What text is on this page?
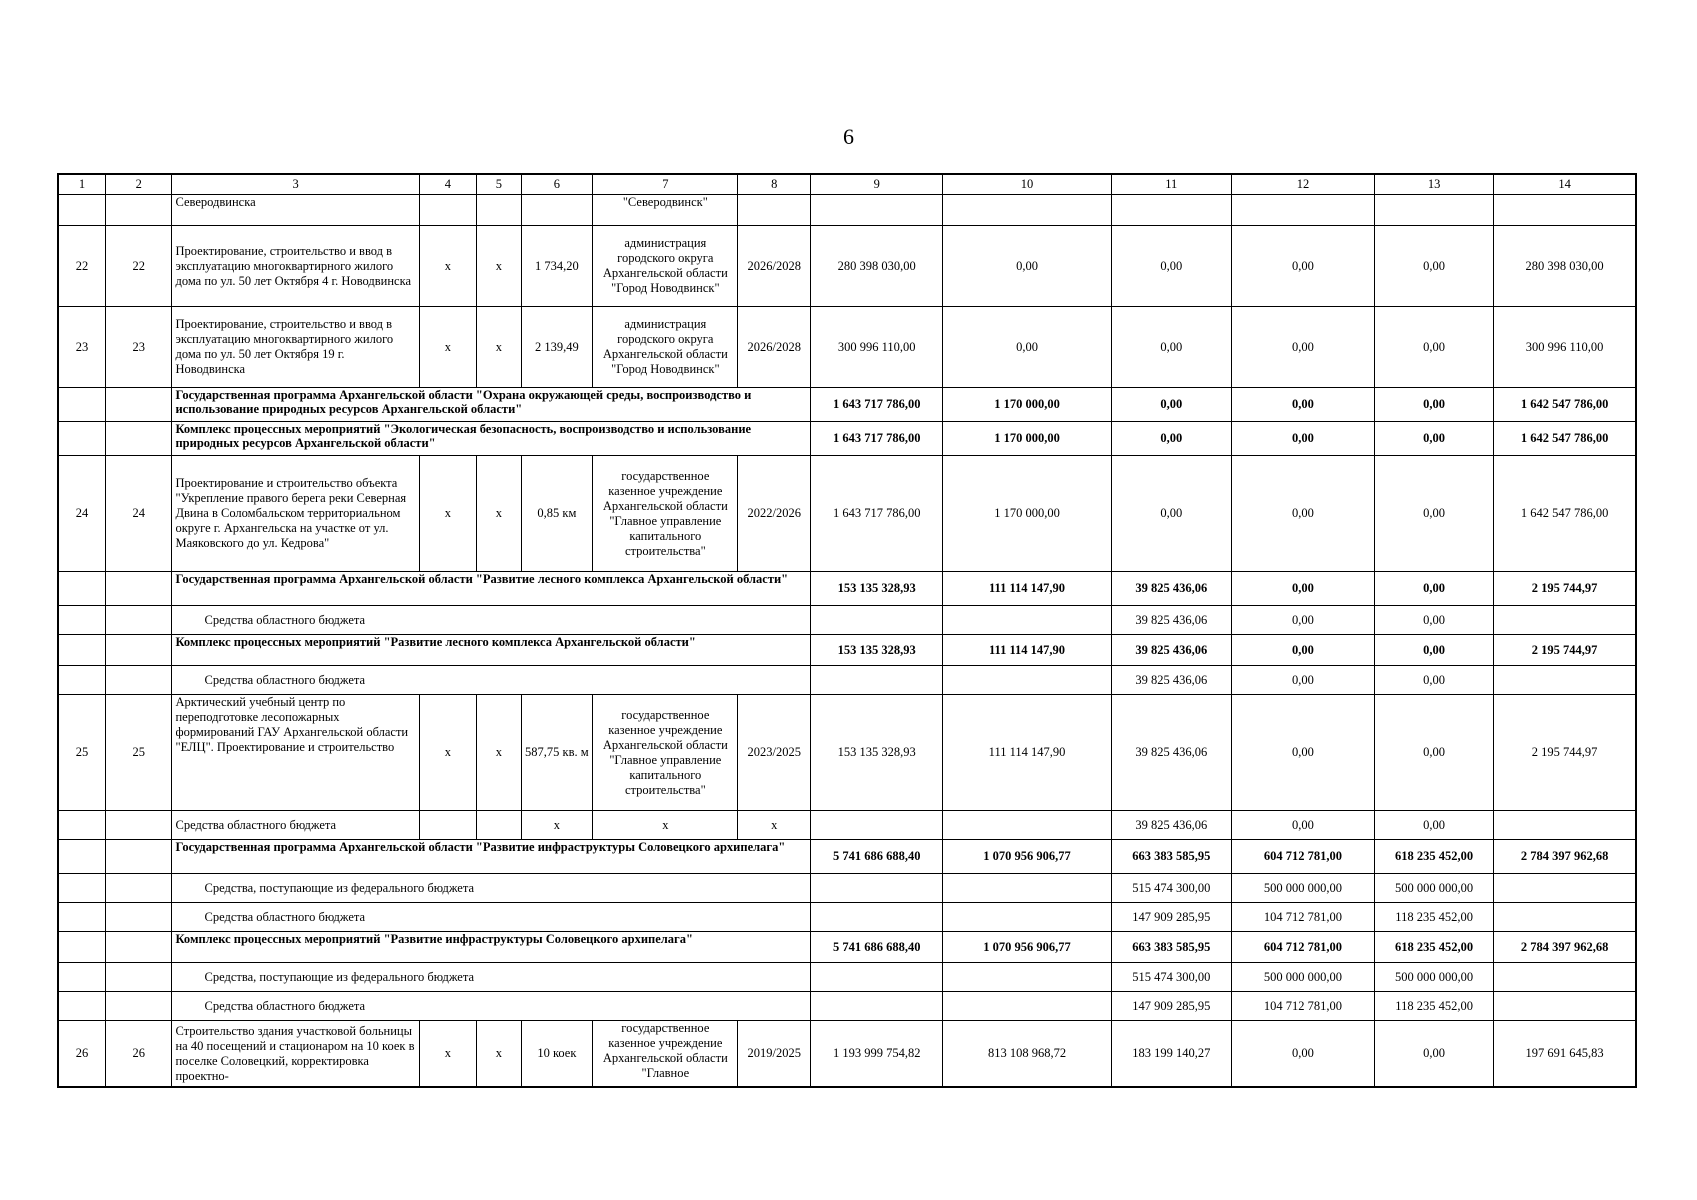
6
1	2	3	4	5	6	7	8	9	10	11	12	13	14
		Северодвинска				"Северодвинск"							
22	22	Проектирование, строительство и ввод в эксплуатацию многоквартирного жилого дома по ул. 50 лет Октября 4 г. Новодвинска	х	х	1 734,20	администрация городского округа Архангельской области "Город Новодвинск"	2026/2028	280 398 030,00	0,00	0,00	0,00	0,00	280 398 030,00
23	23	Проектирование, строительство и ввод в эксплуатацию многоквартирного жилого дома по ул. 50 лет Октября 19 г. Новодвинска	х	х	2 139,49	администрация городского округа Архангельской области "Город Новодвинск"	2026/2028	300 996 110,00	0,00	0,00	0,00	0,00	300 996 110,00
		Государственная программа Архангельской области "Охрана окружающей среды, воспроизводство и использование природных ресурсов Архангельской области"						1 643 717 786,00	1 170 000,00	0,00	0,00	0,00	1 642 547 786,00
		Комплекс процессных мероприятий "Экологическая безопасность, воспроизводство и использование природных ресурсов Архангельской области"						1 643 717 786,00	1 170 000,00	0,00	0,00	0,00	1 642 547 786,00
24	24	Проектирование и строительство объекта "Укрепление правого берега реки Северная Двина в Соломбальском территориальном округе г. Архангельска на участке от ул. Маяковского до ул. Кедрова"	х	х	0,85 км	государственное казенное учреждение Архангельской области "Главное управление капитального строительства"	2022/2026	1 643 717 786,00	1 170 000,00	0,00	0,00	0,00	1 642 547 786,00
		Государственная программа Архангельской области "Развитие лесного комплекса Архангельской области"						153 135 328,93	111 114 147,90	39 825 436,06	0,00	0,00	2 195 744,97
		Средства областного бюджета								39 825 436,06	0,00	0,00	
		Комплекс процессных мероприятий "Развитие лесного комплекса Архангельской области"						153 135 328,93	111 114 147,90	39 825 436,06	0,00	0,00	2 195 744,97
		Средства областного бюджета								39 825 436,06	0,00	0,00	
25	25	Арктический учебный центр по переподготовке лесопожарных формирований ГАУ Архангельской области "ЕЛЦ". Проектирование и строительство	х	х	587,75 кв. м	государственное казенное учреждение Архангельской области "Главное управление капитального строительства"	2023/2025	153 135 328,93	111 114 147,90	39 825 436,06	0,00	0,00	2 195 744,97
		Средства областного бюджета			х	х	х			39 825 436,06	0,00	0,00	
		Государственная программа Архангельской области "Развитие инфраструктуры Соловецкого архипелага"						5 741 686 688,40	1 070 956 906,77	663 383 585,95	604 712 781,00	618 235 452,00	2 784 397 962,68
		Средства, поступающие из федерального бюджета								515 474 300,00	500 000 000,00	500 000 000,00	
		Средства областного бюджета								147 909 285,95	104 712 781,00	118 235 452,00	
		Комплекс процессных мероприятий "Развитие инфраструктуры Соловецкого архипелага"						5 741 686 688,40	1 070 956 906,77	663 383 585,95	604 712 781,00	618 235 452,00	2 784 397 962,68
		Средства, поступающие из федерального бюджета								515 474 300,00	500 000 000,00	500 000 000,00	
		Средства областного бюджета								147 909 285,95	104 712 781,00	118 235 452,00	
26	26	Строительство здания участковой больницы на 40 посещений и стационаром на 10 коек в поселке Соловецкий, корректировка проектно-	х	х	10 коек	государственное казенное учреждение Архангельской области "Главное	2019/2025	1 193 999 754,82	813 108 968,72	183 199 140,27	0,00	0,00	197 691 645,83
